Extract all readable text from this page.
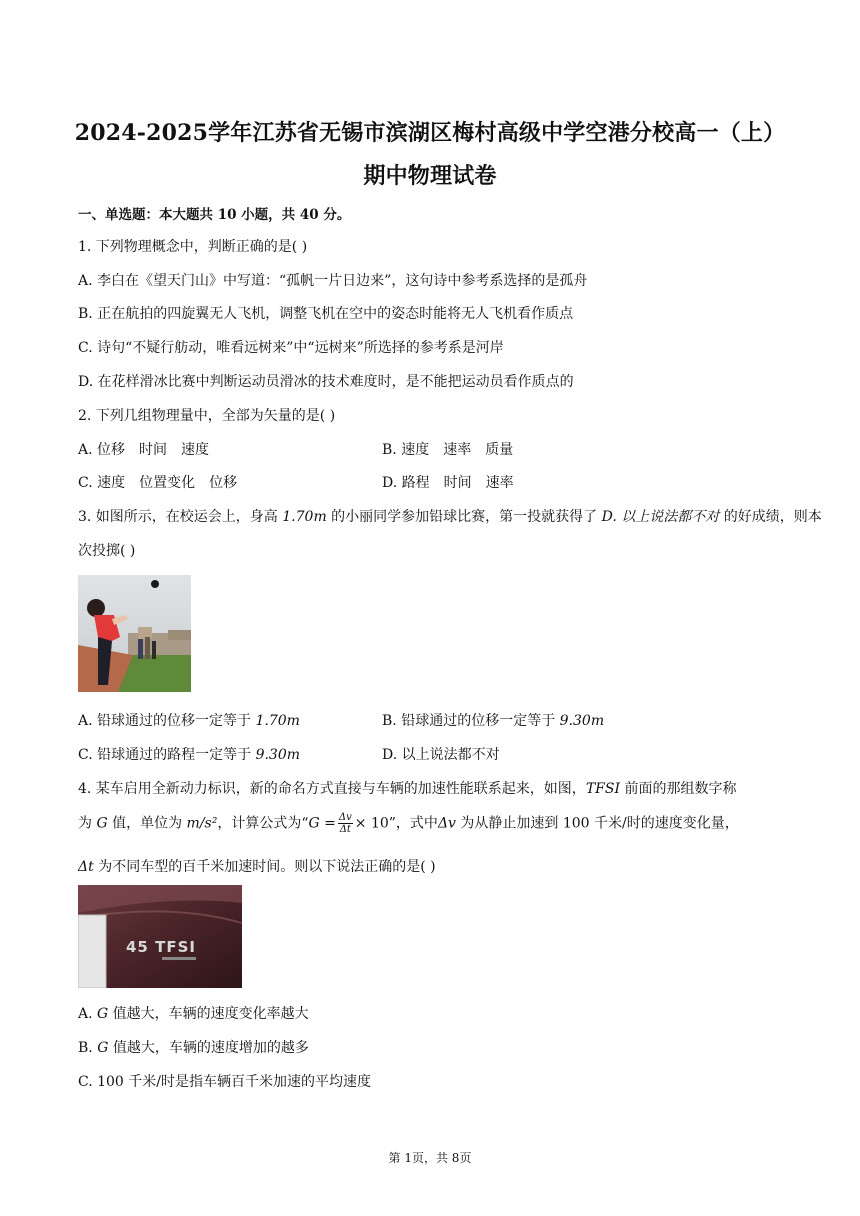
2024-2025学年江苏省无锡市滨湖区梅村高级中学空港分校高一（上）
期中物理试卷
一、单选题：本大题共 10 小题，共 40 分。
1. 下列物理概念中，判断正确的是( )
A. 李白在《望天门山》中写道：“孤帆一片日边来”，这句诗中参考系选择的是孤舟
B. 正在航拍的四旋翼无人飞机，调整飞机在空中的姿态时能将无人飞机看作质点
C. 诗句“不疑行舫动，唯看远树来”中“远树来”所选择的参考系是河岸
D. 在花样滑冰比赛中判断运动员滑冰的技术难度时，是不能把运动员看作质点的
2. 下列几组物理量中，全部为矢量的是( )
A. 位移　时间　速度	B. 速度　速率　质量
C. 速度　位置变化　位移	D. 路程　时间　速率
3. 如图所示，在校运会上，身高 1.70m 的小丽同学参加铅球比赛，第一投就获得了 D. 以上说法都不对 的好成绩，则本
次投掷( )
A. 铅球通过的位移一定等于 1.70m	B. 铅球通过的位移一定等于 9.30m
C. 铅球通过的路程一定等于 9.30m	D. 以上说法都不对
4. 某车启用全新动力标识，新的命名方式直接与车辆的加速性能联系起来，如图，TFSI 前面的那组数字称
为 G 值，单位为 m/s²，计算公式为“$G = \frac{\Delta v}{\Delta t} \times 10$”，式中Δv 为从静止加速到 100 千米/时的速度变化量，
Δt 为不同车型的百千米加速时间。则以下说法正确的是( )
45 TFSI
A. G 值越大，车辆的速度变化率越大
B. G 值越大，车辆的速度增加的越多
C. 100 千米/时是指车辆百千米加速的平均速度
第 1页，共 8页
